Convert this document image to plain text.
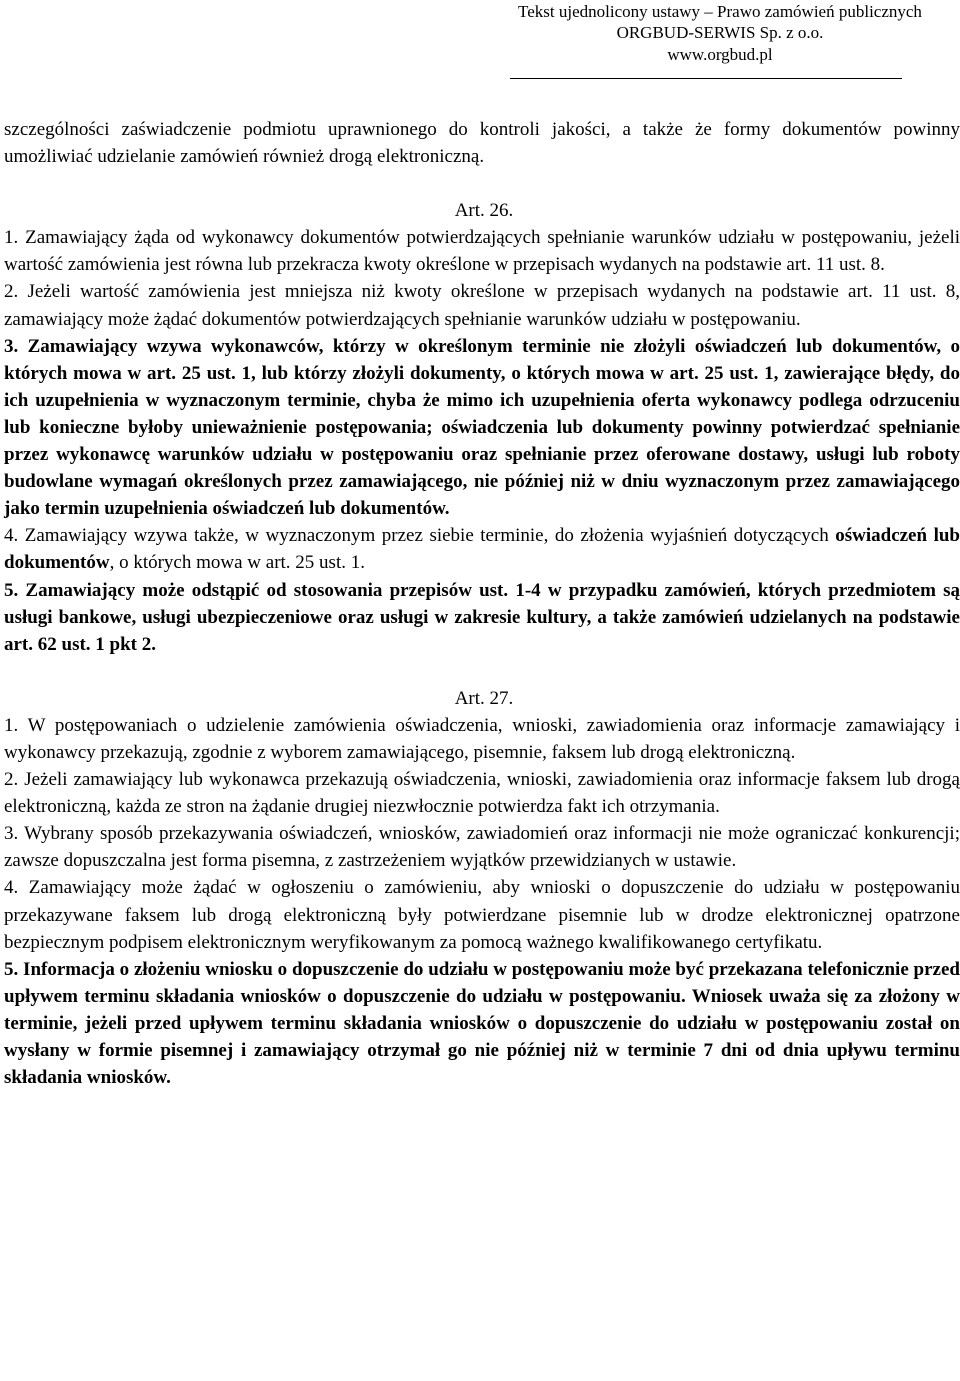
Tekst ujednolicony ustawy – Prawo zamówień publicznych
ORGBUD-SERWIS Sp. z o.o.
www.orgbud.pl

szczególności zaświadczenie podmiotu uprawnionego do kontroli jakości, a także że formy dokumentów powinny umożliwiać udzielanie zamówień również drogą elektroniczną.

Art. 26.

1. Zamawiający żąda od wykonawcy dokumentów potwierdzających spełnianie warunków udziału w postępowaniu, jeżeli wartość zamówienia jest równa lub przekracza kwoty określone w przepisach wydanych na podstawie art. 11 ust. 8.

2. Jeżeli wartość zamówienia jest mniejsza niż kwoty określone w przepisach wydanych na podstawie art. 11 ust. 8, zamawiający może żądać dokumentów potwierdzających spełnianie warunków udziału w postępowaniu.

3. Zamawiający wzywa wykonawców, którzy w określonym terminie nie złożyli oświadczeń lub dokumentów, o których mowa w art. 25 ust. 1, lub którzy złożyli dokumenty, o których mowa w art. 25 ust. 1, zawierające błędy, do ich uzupełnienia w wyznaczonym terminie, chyba że mimo ich uzupełnienia oferta wykonawcy podlega odrzuceniu lub konieczne byłoby unieważnienie postępowania; oświadczenia lub dokumenty powinny potwierdzać spełnianie przez wykonawcę warunków udziału w postępowaniu oraz spełnianie przez oferowane dostawy, usługi lub roboty budowlane wymagań określonych przez zamawiającego, nie później niż w dniu wyznaczonym przez zamawiającego jako termin uzupełnienia oświadczeń lub dokumentów.

4. Zamawiający wzywa także, w wyznaczonym przez siebie terminie, do złożenia wyjaśnień dotyczących oświadczeń lub dokumentów, o których mowa w art. 25 ust. 1.

5. Zamawiający może odstąpić od stosowania przepisów ust. 1-4 w przypadku zamówień, których przedmiotem są usługi bankowe, usługi ubezpieczeniowe oraz usługi w zakresie kultury, a także zamówień udzielanych na podstawie art. 62 ust. 1 pkt 2.

Art. 27.

1. W postępowaniach o udzielenie zamówienia oświadczenia, wnioski, zawiadomienia oraz informacje zamawiający i wykonawcy przekazują, zgodnie z wyborem zamawiającego, pisemnie, faksem lub drogą elektroniczną.

2. Jeżeli zamawiający lub wykonawca przekazują oświadczenia, wnioski, zawiadomienia oraz informacje faksem lub drogą elektroniczną, każda ze stron na żądanie drugiej niezwłocznie potwierdza fakt ich otrzymania.

3. Wybrany sposób przekazywania oświadczeń, wniosków, zawiadomień oraz informacji nie może ograniczać konkurencji; zawsze dopuszczalna jest forma pisemna, z zastrzeżeniem wyjątków przewidzianych w ustawie.

4. Zamawiający może żądać w ogłoszeniu o zamówieniu, aby wnioski o dopuszczenie do udziału w postępowaniu przekazywane faksem lub drogą elektroniczną były potwierdzane pisemnie lub w drodze elektronicznej opatrzone bezpiecznym podpisem elektronicznym weryfikowanym za pomocą ważnego kwalifikowanego certyfikatu.

5. Informacja o złożeniu wniosku o dopuszczenie do udziału w postępowaniu może być przekazana telefonicznie przed upływem terminu składania wniosków o dopuszczenie do udziału w postępowaniu. Wniosek uważa się za złożony w terminie, jeżeli przed upływem terminu składania wniosków o dopuszczenie do udziału w postępowaniu został on wysłany w formie pisemnej i zamawiający otrzymał go nie później niż w terminie 7 dni od dnia upływu terminu składania wniosków.
